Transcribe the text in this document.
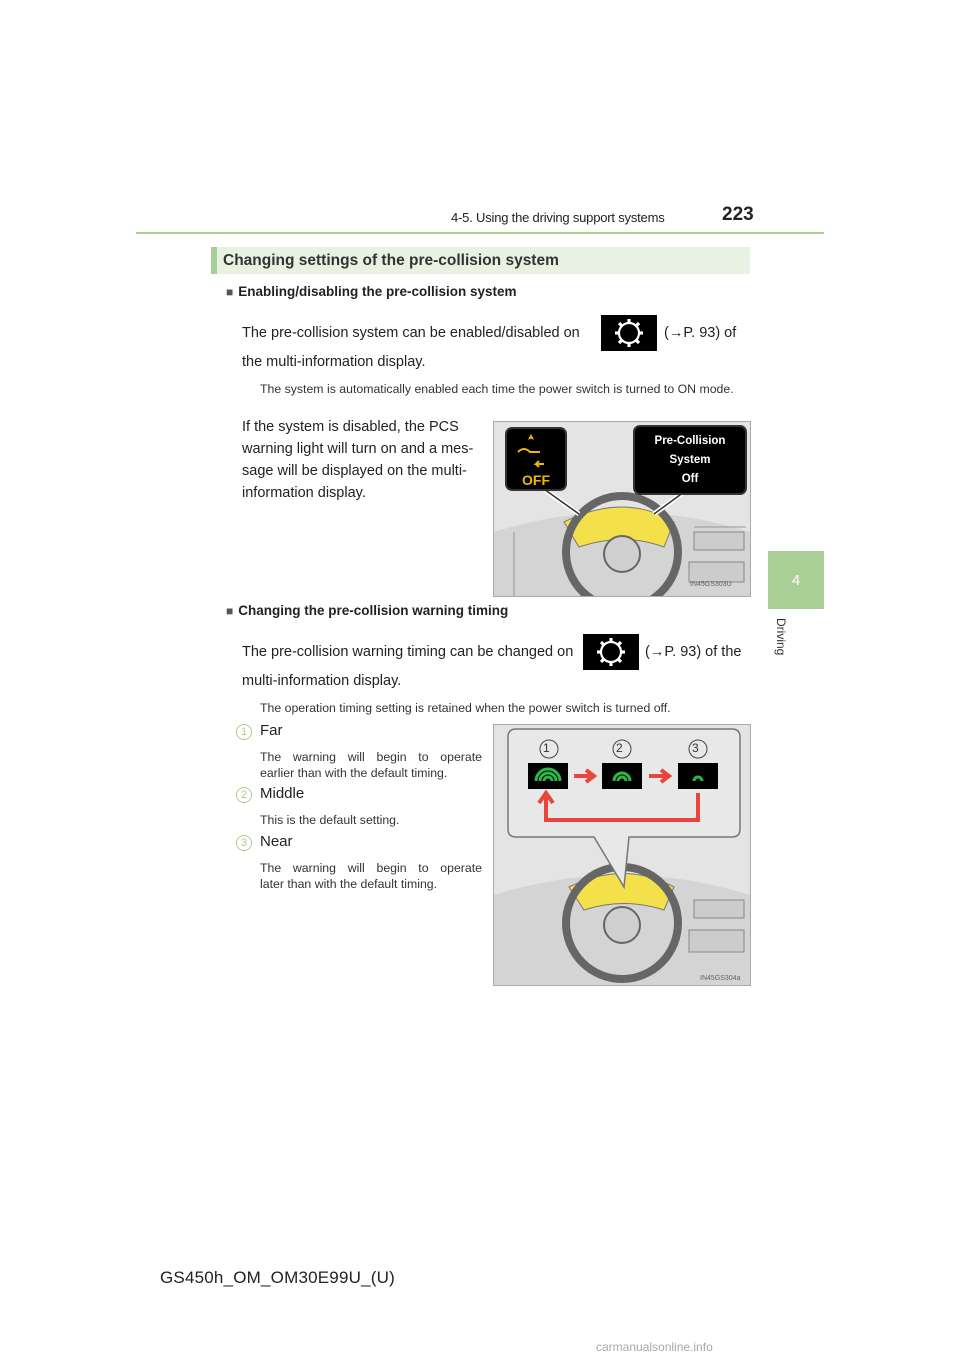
4-5. Using the driving support systems	223
4
Driving
Changing settings of the pre-collision system
■ Enabling/disabling the pre-collision system
The pre-collision system can be enabled/disabled on	(→P. 93) of
the multi-information display.
The system is automatically enabled each time the power switch is turned to ON mode.
If the system is disabled, the PCS
warning light will turn on and a mes-
sage will be displayed on the multi-
information display.
IN45GS303U
OFF
Pre-Collision
System
Off
■ Changing the pre-collision warning timing
The pre-collision warning timing can be changed on	(→P. 93) of the
multi-information display.
The operation timing setting is retained when the power switch is turned off.
1 Far
The warning will begin to operate
earlier than with the default timing.
2 Middle
This is the default setting.
3 Near
The warning will begin to operate
later than with the default timing.
IN45GS304a
1	2	3
GS450h_OM_OM30E99U_(U)
carmanualsonline.info
